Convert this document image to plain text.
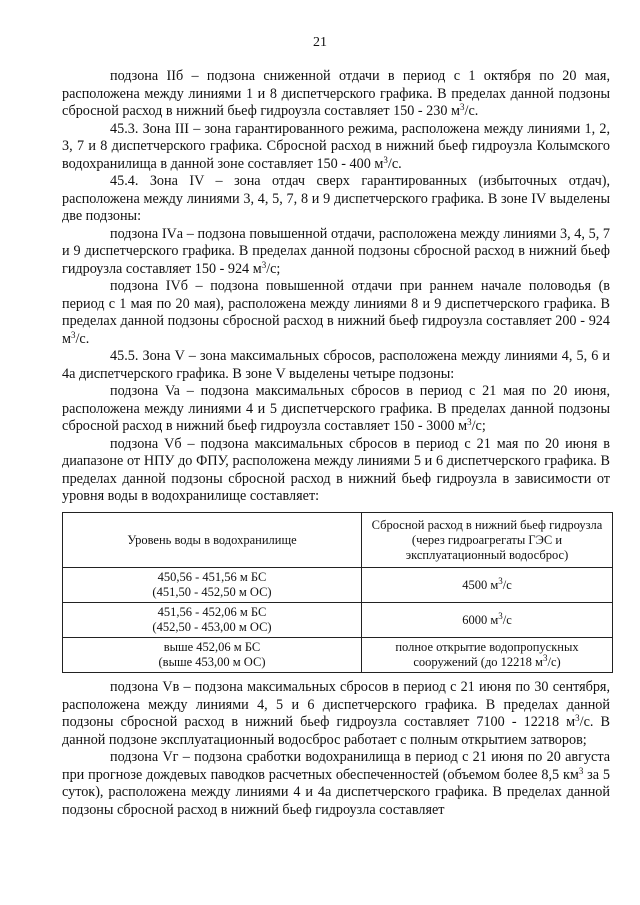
21

подзона IIб – подзона сниженной отдачи в период с 1 октября по 20 мая, расположена между линиями 1 и 8 диспетчерского графика. В пределах данной подзоны сбросной расход в нижний бьеф гидроузла составляет 150 - 230 $м^3/с$.

45.3. Зона III – зона гарантированного режима, расположена между линиями 1, 2, 3, 7 и 8 диспетчерского графика. Сбросной расход в нижний бьеф гидроузла Колымского водохранилища в данной зоне составляет 150 - 400 $м^3/с$.

45.4. Зона IV – зона отдач сверх гарантированных (избыточных отдач), расположена между линиями 3, 4, 5, 7, 8 и 9 диспетчерского графика. В зоне IV выделены две подзоны:

подзона IVа – подзона повышенной отдачи, расположена между линиями 3, 4, 5, 7 и 9 диспетчерского графика. В пределах данной подзоны сбросной расход в нижний бьеф гидроузла составляет 150 - 924 $м^3/с$;

подзона IVб – подзона повышенной отдачи при раннем начале половодья (в период с 1 мая по 20 мая), расположена между линиями 8 и 9 диспетчерского графика. В пределах данной подзоны сбросной расход в нижний бьеф гидроузла составляет 200 - 924 $м^3/с$.

45.5. Зона V – зона максимальных сбросов, расположена между линиями 4, 5, 6 и 4а диспетчерского графика. В зоне V выделены четыре подзоны:

подзона Va – подзона максимальных сбросов в период с 21 мая по 20 июня, расположена между линиями 4 и 5 диспетчерского графика. В пределах данной подзоны сбросной расход в нижний бьеф гидроузла составляет 150 - 3000 $м^3/с$;

подзона Vб – подзона максимальных сбросов в период с 21 мая по 20 июня в диапазоне от НПУ до ФПУ, расположена между линиями 5 и 6 диспетчерского графика. В пределах данной подзоны сбросной расход в нижний бьеф гидроузла в зависимости от уровня воды в водохранилище составляет:

Уровень воды в водохранилище	Сбросной расход в нижний бьеф гидроузла (через гидроагрегаты ГЭС и эксплуатационный водосброс)
450,56 - 451,56 м БС
(451,50 - 452,50 м ОС)	4500 $м^3/с$
451,56 - 452,06 м БС
(452,50 - 453,00 м ОС)	6000 $м^3/с$
выше 452,06 м БС
(выше 453,00 м ОС)	полное открытие водопропускных сооружений (до 12218 $м^3/с$)

подзона Vв – подзона максимальных сбросов в период с 21 июня по 30 сентября, расположена между линиями 4, 5 и 6 диспетчерского графика. В пределах данной подзоны сбросной расход в нижний бьеф гидроузла составляет 7100 - 12218 $м^3/с$. В данной подзоне эксплуатационный водосброс работает с полным открытием затворов;

подзона Vг – подзона сработки водохранилища в период с 21 июня по 20 августа при прогнозе дождевых паводков расчетных обеспеченностей (объемом более 8,5 $км^3$ за 5 суток), расположена между линиями 4 и 4а диспетчерского графика. В пределах данной подзоны сбросной расход в нижний бьеф гидроузла составляет
